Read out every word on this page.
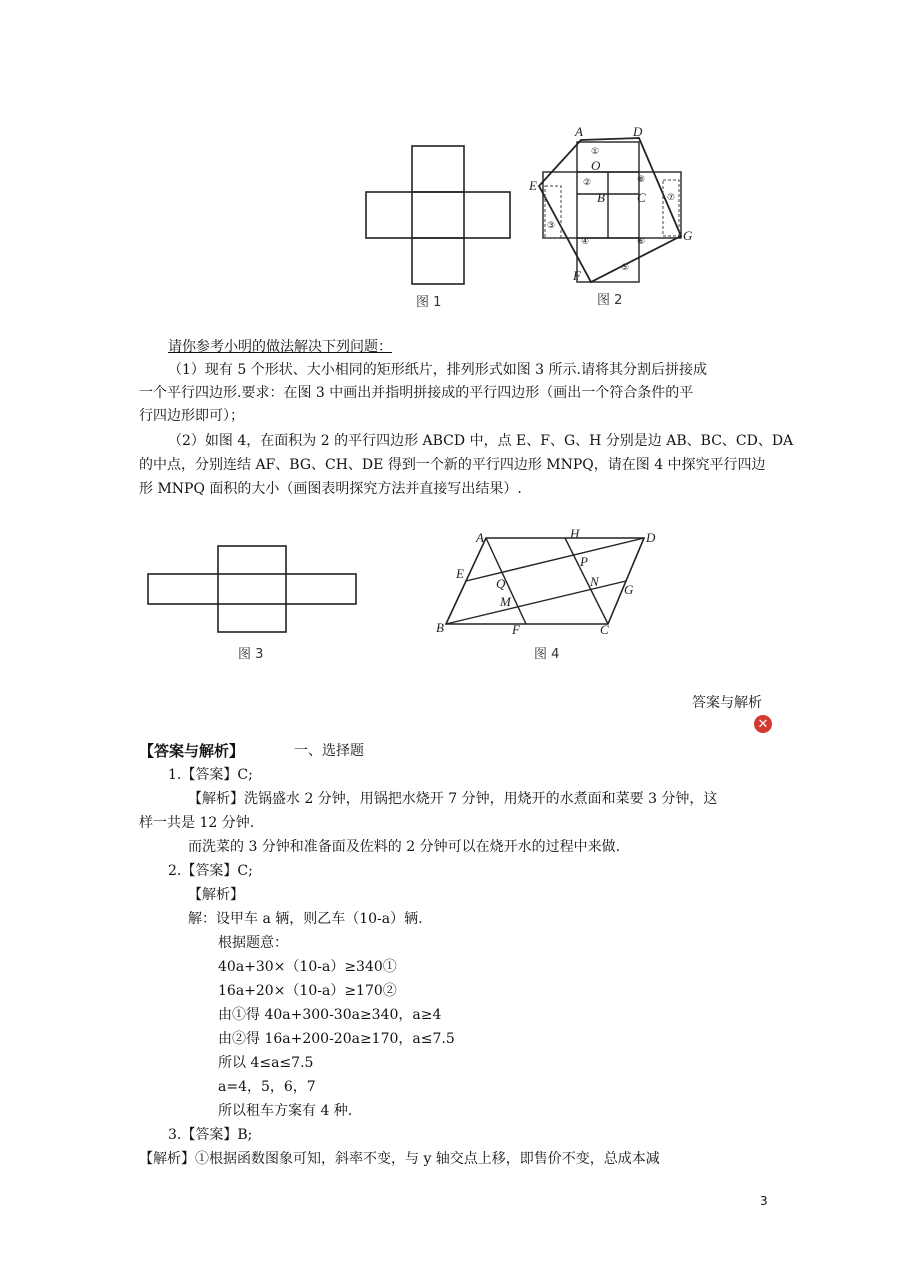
图 1
A	D
O
E
B C
G
F
①
②	⑧
⑦
③
④	⑥
⑤
图 2
请你参考小明的做法解决下列问题：
（1）现有 5 个形状、大小相同的矩形纸片，排列形式如图 3 所示.请将其分割后拼接成
一个平行四边形.要求：在图 3 中画出并指明拼接成的平行四边形（画出一个符合条件的平
行四边形即可）；
（2）如图 4，在面积为 2 的平行四边形 ABCD 中，点 E、F、G、H 分别是边 AB、BC、CD、DA
的中点，分别连结 AF、BG、CH、DE 得到一个新的平行四边形 MNPQ，请在图 4 中探究平行四边
形 MNPQ 面积的大小（画图表明探究方法并直接写出结果）.
图 3
A	H	D
E
P
Q	N
G
M
B	F	C
图 4
答案与解析
✕
【答案与解析】	一、选择题
1.【答案】C;
【解析】洗锅盛水 2 分钟，用锅把水烧开 7 分钟，用烧开的水煮面和菜要 3 分钟，这
样一共是 12 分钟.
而洗菜的 3 分钟和准备面及佐料的 2 分钟可以在烧开水的过程中来做.
2.【答案】C;
【解析】
解：设甲车 a 辆，则乙车（10-a）辆.
根据题意：
40a+30×（10-a）≥340①
16a+20×（10-a）≥170②
由①得 40a+300-30a≥340，a≥4
由②得 16a+200-20a≥170，a≤7.5
所以 4≤a≤7.5
a=4，5，6，7
所以租车方案有 4 种.
3.【答案】B;
【解析】①根据函数图象可知，斜率不变，与 y 轴交点上移，即售价不变，总成本减
3
